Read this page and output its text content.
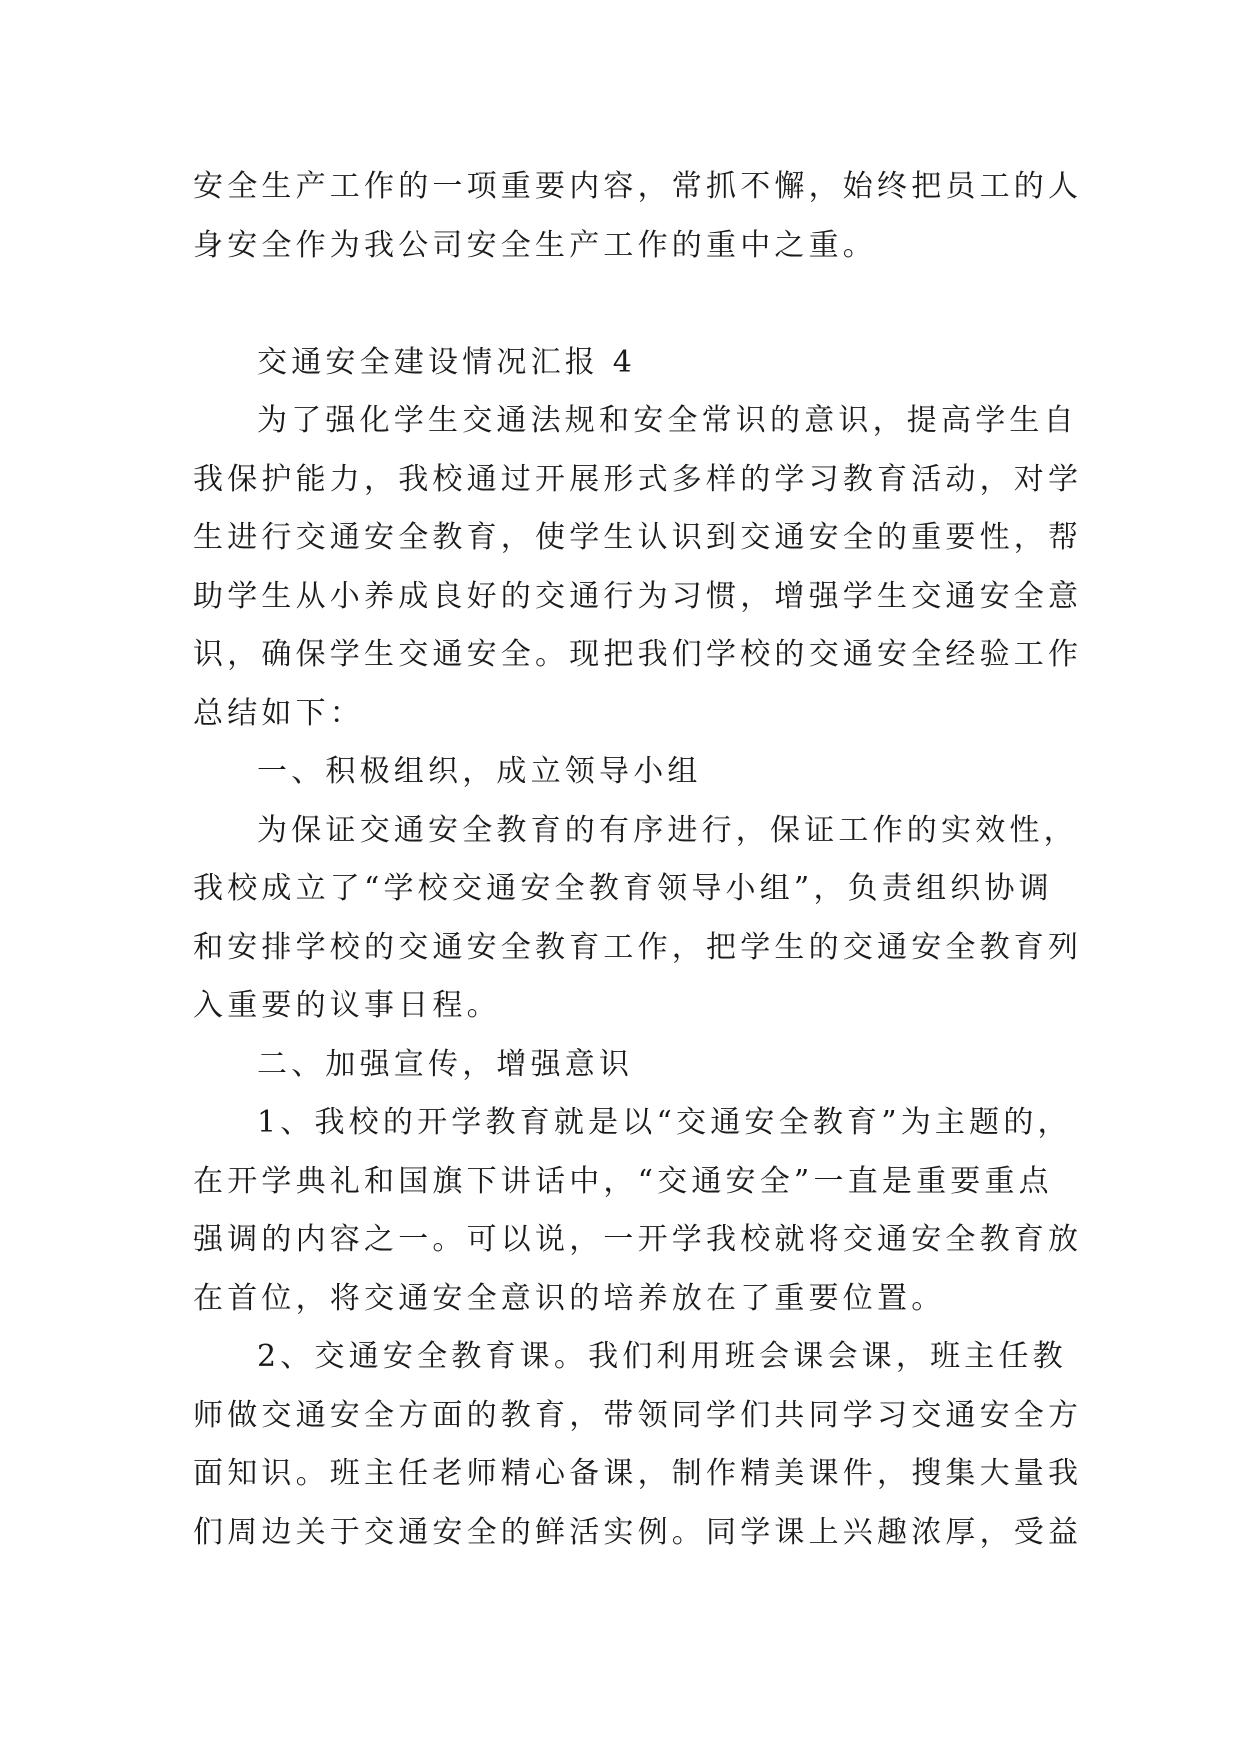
安全生产工作的一项重要内容，常抓不懈，始终把员工的人
身安全作为我公司安全生产工作的重中之重。
交通安全建设情况汇报 4
为了强化学生交通法规和安全常识的意识，提高学生自
我保护能力，我校通过开展形式多样的学习教育活动，对学
生进行交通安全教育，使学生认识到交通安全的重要性，帮
助学生从小养成良好的交通行为习惯，增强学生交通安全意
识，确保学生交通安全。现把我们学校的交通安全经验工作
总结如下：
一、积极组织，成立领导小组
为保证交通安全教育的有序进行，保证工作的实效性，
我校成立了“学校交通安全教育领导小组”，负责组织协调
和安排学校的交通安全教育工作，把学生的交通安全教育列
入重要的议事日程。
二、加强宣传，增强意识
1、我校的开学教育就是以“交通安全教育”为主题的，
在开学典礼和国旗下讲话中，“交通安全”一直是重要重点
强调的内容之一。可以说，一开学我校就将交通安全教育放
在首位，将交通安全意识的培养放在了重要位置。
2、交通安全教育课。我们利用班会课会课，班主任教
师做交通安全方面的教育，带领同学们共同学习交通安全方
面知识。班主任老师精心备课，制作精美课件，搜集大量我
们周边关于交通安全的鲜活实例。同学课上兴趣浓厚，受益
